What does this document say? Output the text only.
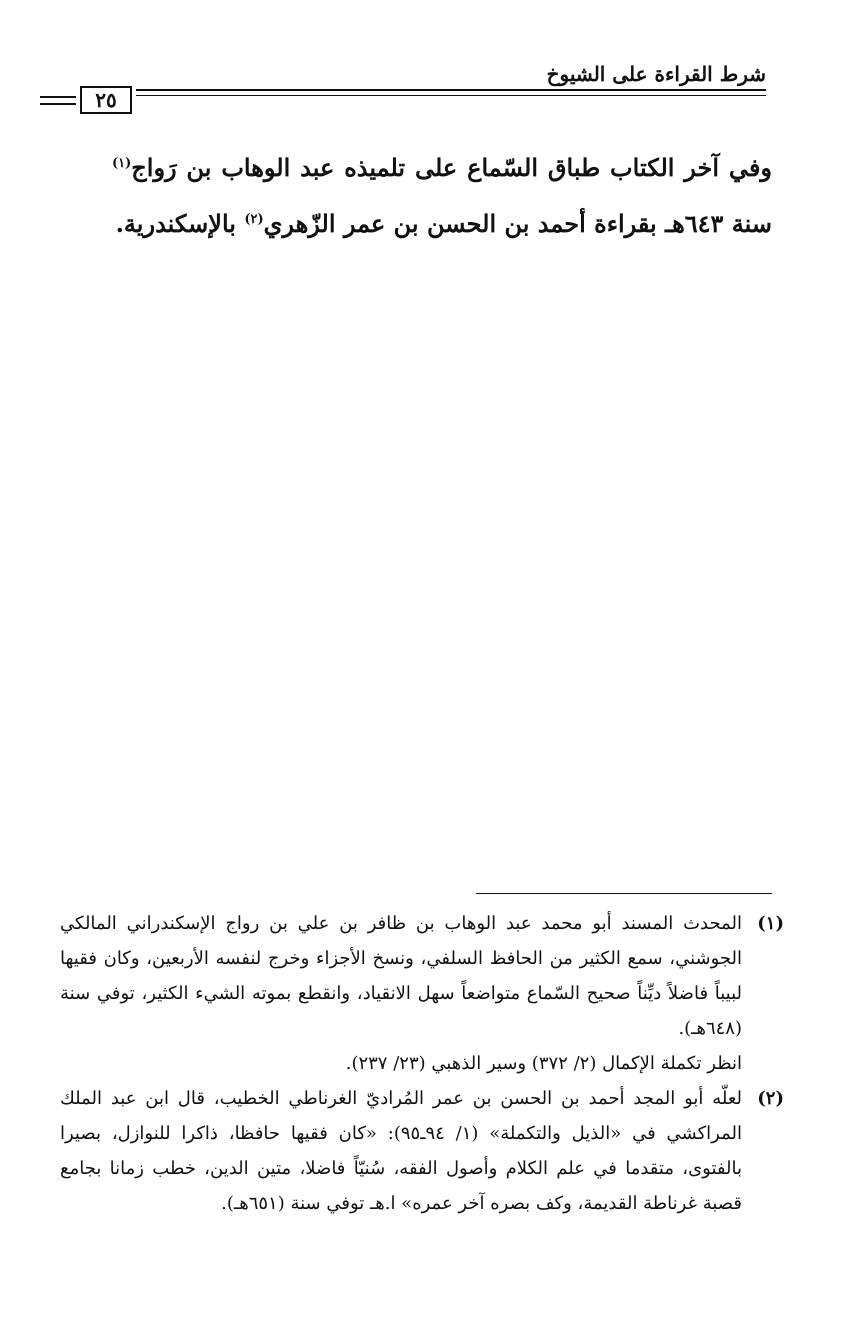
شرط القراءة على الشيوخ
٢٥
وفي آخر الكتاب طباق السّماع على تلميذه عبد الوهاب بن رَواج$^{(١)}$ سنة ٦٤٣هـ بقراءة أحمد بن الحسن بن عمر الزّهري$^{(٢)}$ بالإسكندرية.
(١)
المحدث المسند أبو محمد عبد الوهاب بن ظافر بن علي بن رواج الإسكندراني المالكي الجوشني، سمع الكثير من الحافظ السلفي، ونسخ الأجزاء وخرج لنفسه الأربعين، وكان فقيها لبيباً فاضلاً ديِّناً صحيح السّماع متواضعاً سهل الانقياد، وانقطع بموته الشيء الكثير، توفي سنة (٦٤٨هـ).
انظر تكملة الإكمال (٢/ ٣٧٢) وسير الذهبي (٢٣/ ٢٣٧).
(٢)
لعلّه أبو المجد أحمد بن الحسن بن عمر المُراديّ الغرناطي الخطيب، قال ابن عبد الملك المراكشي في «الذيل والتكملة» (١/ ٩٤ـ٩٥): «كان فقيها حافظا، ذاكرا للنوازل، بصيرا بالفتوى، متقدما في علم الكلام وأصول الفقه، سُنيّاً فاضلا، متين الدين، خطب زمانا بجامع قصبة غرناطة القديمة، وكف بصره آخر عمره» ا.هـ توفي سنة (٦٥١هـ).
